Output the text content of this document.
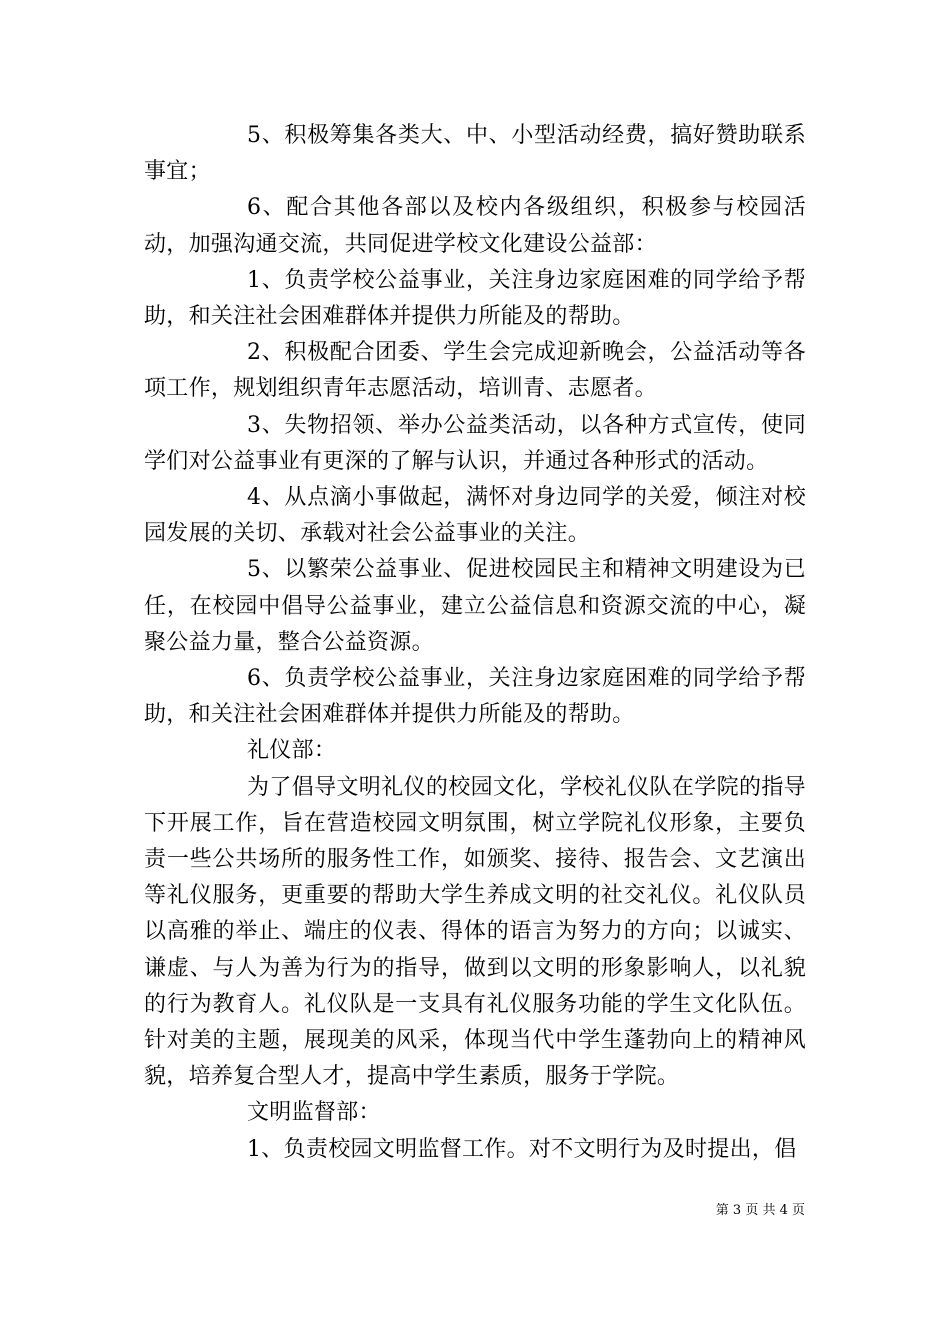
5、积极筹集各类大、中、小型活动经费，搞好赞助联系事宜；

6、配合其他各部以及校内各级组织，积极参与校园活动，加强沟通交流，共同促进学校文化建设公益部：

1、负责学校公益事业，关注身边家庭困难的同学给予帮助，和关注社会困难群体并提供力所能及的帮助。

2、积极配合团委、学生会完成迎新晚会，公益活动等各项工作，规划组织青年志愿活动，培训青、志愿者。

3、失物招领、举办公益类活动，以各种方式宣传，使同学们对公益事业有更深的了解与认识，并通过各种形式的活动。

4、从点滴小事做起，满怀对身边同学的关爱，倾注对校园发展的关切、承载对社会公益事业的关注。

5、以繁荣公益事业、促进校园民主和精神文明建设为已任，在校园中倡导公益事业，建立公益信息和资源交流的中心，凝聚公益力量，整合公益资源。

6、负责学校公益事业，关注身边家庭困难的同学给予帮助，和关注社会困难群体并提供力所能及的帮助。

礼仪部：

为了倡导文明礼仪的校园文化，学校礼仪队在学院的指导下开展工作，旨在营造校园文明氛围，树立学院礼仪形象，主要负责一些公共场所的服务性工作，如颁奖、接待、报告会、文艺演出等礼仪服务，更重要的帮助大学生养成文明的社交礼仪。礼仪队员以高雅的举止、端庄的仪表、得体的语言为努力的方向；以诚实、谦虚、与人为善为行为的指导，做到以文明的形象影响人，以礼貌的行为教育人。礼仪队是一支具有礼仪服务功能的学生文化队伍。针对美的主题，展现美的风采，体现当代中学生蓬勃向上的精神风貌，培养复合型人才，提高中学生素质，服务于学院。

文明监督部：

1、负责校园文明监督工作。对不文明行为及时提出，倡

第 3 页 共 4 页
